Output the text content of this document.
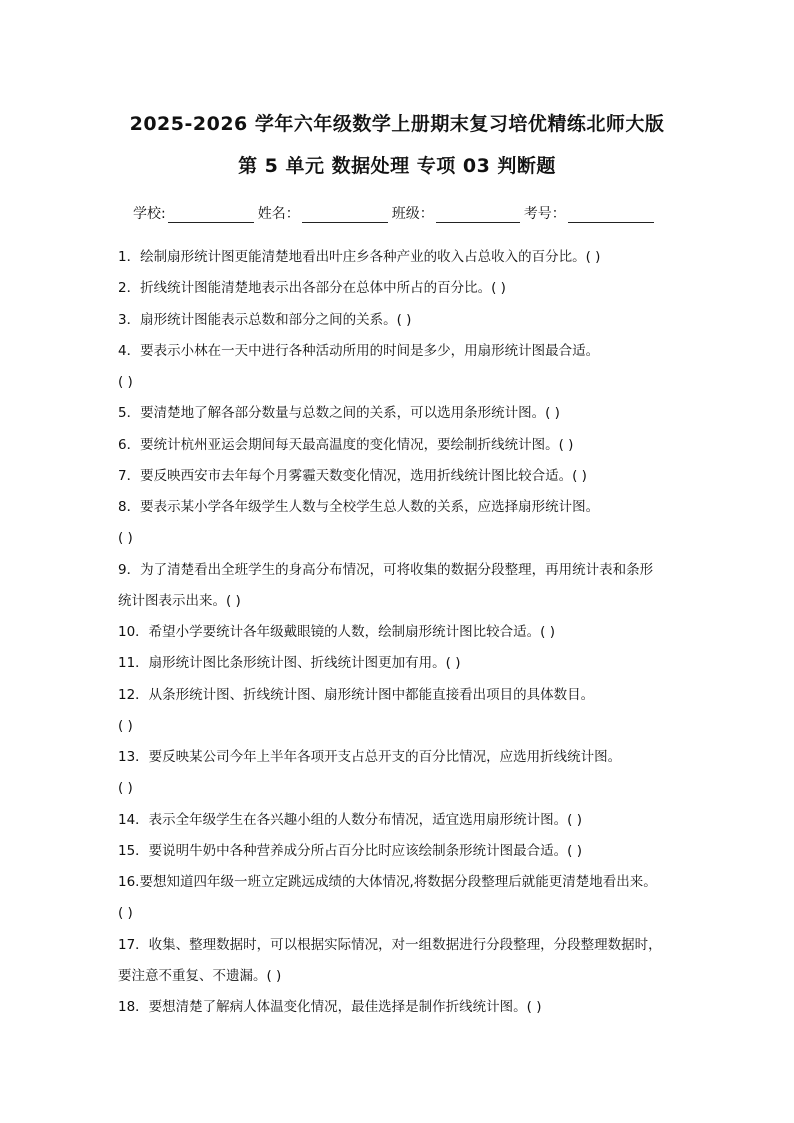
2025-2026 学年六年级数学上册期末复习培优精练北师大版
第 5 单元 数据处理 专项 03 判断题
学校:	姓名：	班级：	考号：
1．绘制扇形统计图更能清楚地看出叶庄乡各种产业的收入占总收入的百分比。( )
2．折线统计图能清楚地表示出各部分在总体中所占的百分比。( )
3．扇形统计图能表示总数和部分之间的关系。( )
4．要表示小林在一天中进行各种活动所用的时间是多少，用扇形统计图最合适。
( )
5．要清楚地了解各部分数量与总数之间的关系，可以选用条形统计图。( )
6．要统计杭州亚运会期间每天最高温度的变化情况，要绘制折线统计图。( )
7．要反映西安市去年每个月雾霾天数变化情况，选用折线统计图比较合适。( )
8．要表示某小学各年级学生人数与全校学生总人数的关系，应选择扇形统计图。
( )
9．为了清楚看出全班学生的身高分布情况，可将收集的数据分段整理，再用统计表和条形
统计图表示出来。( )
10．希望小学要统计各年级戴眼镜的人数，绘制扇形统计图比较合适。( )
11．扇形统计图比条形统计图、折线统计图更加有用。( )
12．从条形统计图、折线统计图、扇形统计图中都能直接看出项目的具体数目。
( )
13．要反映某公司今年上半年各项开支占总开支的百分比情况，应选用折线统计图。
( )
14．表示全年级学生在各兴趣小组的人数分布情况，适宜选用扇形统计图。( )
15．要说明牛奶中各种营养成分所占百分比时应该绘制条形统计图最合适。( )
16.要想知道四年级一班立定跳远成绩的大体情况,将数据分段整理后就能更清楚地看出来。
( )
17．收集、整理数据时，可以根据实际情况，对一组数据进行分段整理，分段整理数据时，
要注意不重复、不遗漏。( )
18．要想清楚了解病人体温变化情况，最佳选择是制作折线统计图。( )
